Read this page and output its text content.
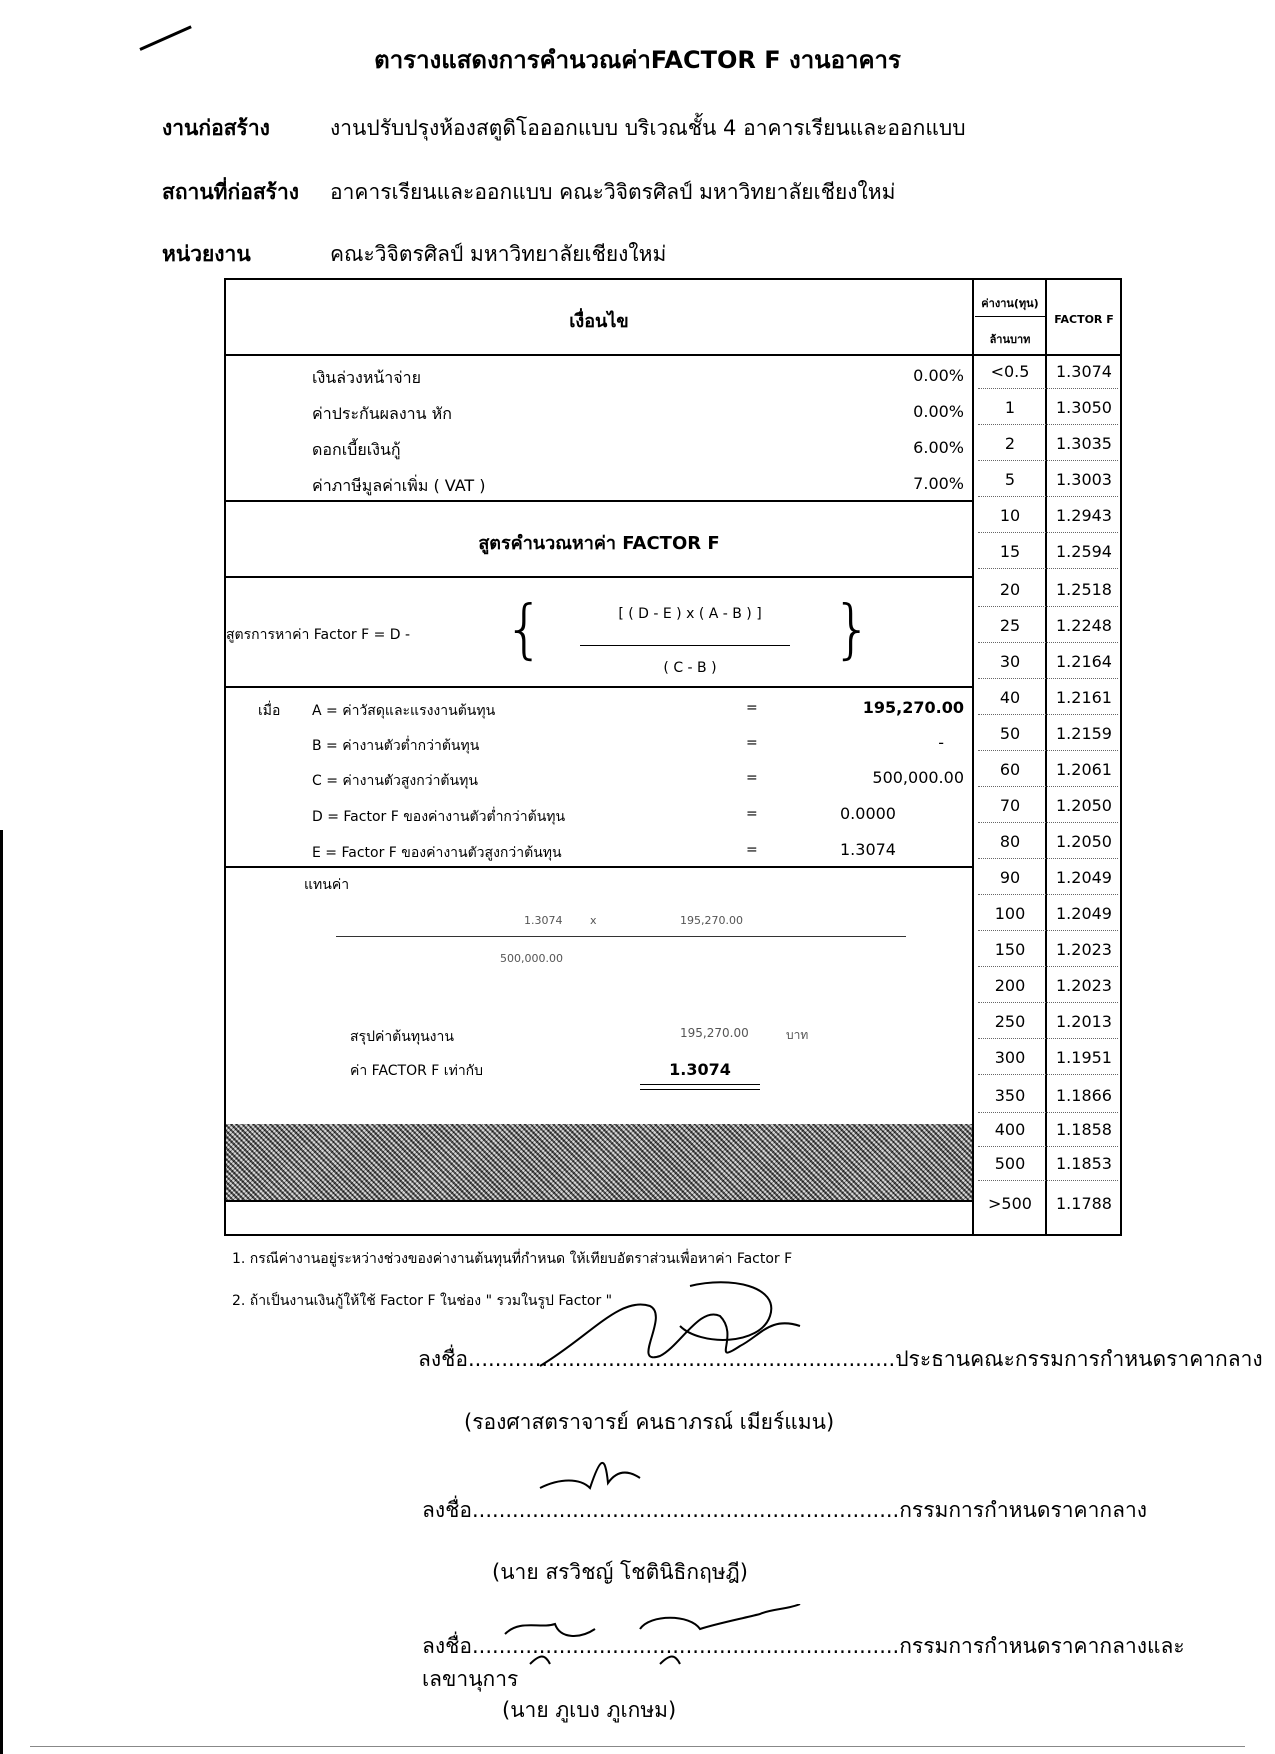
ตารางแสดงการคำนวณค่าFACTOR F งานอาคาร
งานก่อสร้าง	งานปรับปรุงห้องสตูดิโอออกแบบ บริเวณชั้น 4 อาคารเรียนและออกแบบ
สถานที่ก่อสร้าง อาคารเรียนและออกแบบ คณะวิจิตรศิลป์ มหาวิทยาลัยเชียงใหม่
หน่วยงาน	คณะวิจิตรศิลป์ มหาวิทยาลัยเชียงใหม่
เงื่อนไข
ค่างาน(ทุน)
ล้านบาท
FACTOR F
เงินล่วงหน้าจ่าย	0.00%
ค่าประกันผลงาน หัก	0.00%
ดอกเบี้ยเงินกู้	6.00%
ค่าภาษีมูลค่าเพิ่ม ( VAT )	7.00%
สูตรคำนวณหาค่า FACTOR F
สูตรการหาค่า Factor F = D - {	[ ( D - E ) x ( A - B ) ]
( C - B )
}
เมื่อ A = ค่าวัสดุและแรงงานต้นทุน	=	195,270.00
B = ค่างานตัวต่ำกว่าต้นทุน	=	-
C = ค่างานตัวสูงกว่าต้นทุน	=	500,000.00
D = Factor F ของค่างานตัวต่ำกว่าต้นทุน	=	0.0000
E = Factor F ของค่างานตัวสูงกว่าต้นทุน	=	1.3074
แทนค่า
1.3074	x	195,270.00
500,000.00
สรุปค่าต้นทุนงาน	195,270.00	บาท
ค่า FACTOR F เท่ากับ	1.3074
<0.5	1.3074
1	1.3050
2	1.3035
5	1.3003
10	1.2943
15	1.2594
20	1.2518
25	1.2248
30	1.2164
40	1.2161
50	1.2159
60	1.2061
70	1.2050
80	1.2050
90	1.2049
100	1.2049
150	1.2023
200	1.2023
250	1.2013
300	1.1951
350	1.1866
400	1.1858
500	1.1853
>500	1.1788
1. กรณีค่างานอยู่ระหว่างช่วงของค่างานต้นทุนที่กำหนด ให้เทียบอัตราส่วนเพื่อหาค่า Factor F
2. ถ้าเป็นงานเงินกู้ให้ใช้ Factor F ในช่อง " รวมในรูป Factor "
ลงชื่อ................................................................ประธานคณะกรรมการกำหนดราคากลาง
(รองศาสตราจารย์ คนธาภรณ์ เมียร์แมน)
ลงชื่อ................................................................กรรมการกำหนดราคากลาง
(นาย สรวิชญ์ โชตินิธิกฤษฎี)
ลงชื่อ................................................................กรรมการกำหนดราคากลางและเลขานุการ
(นาย ภูเบง ภูเกษม)
